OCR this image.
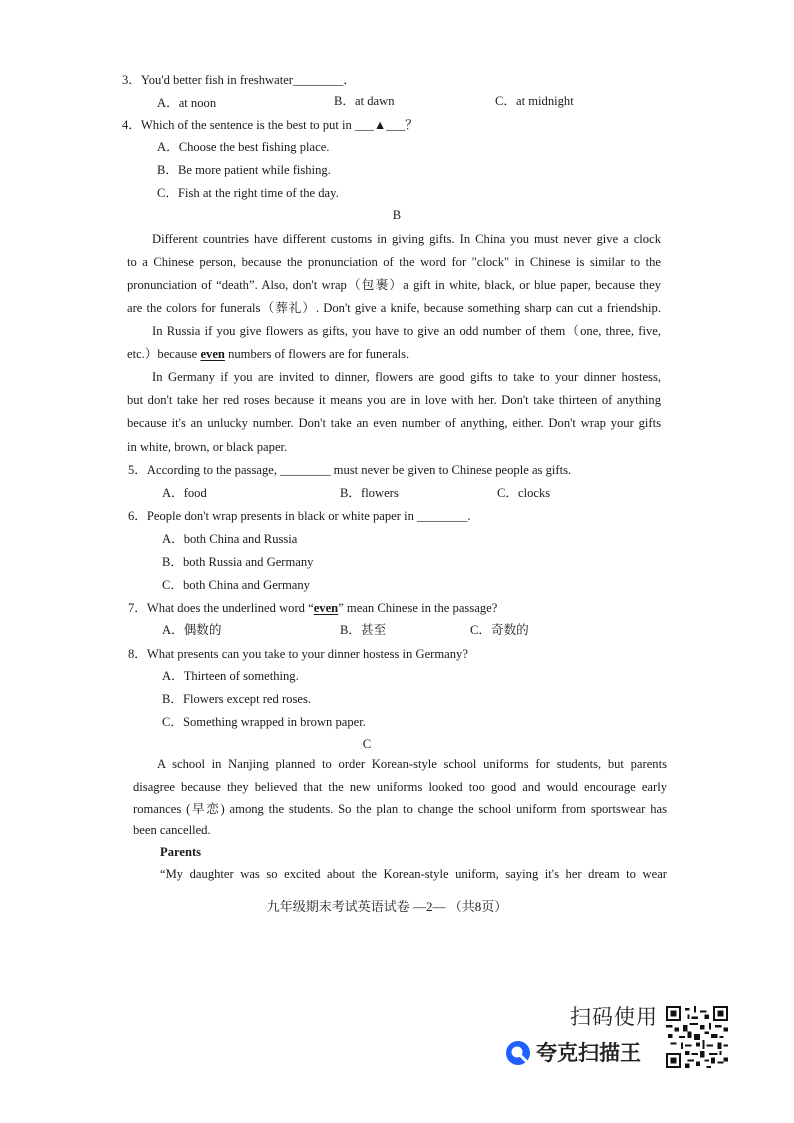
3．You'd better fish in freshwater________．
A．at noon	B．at dawn	C．at midnight
4．Which of the sentence is the best to put in ___▲___？
A．Choose the best fishing place.
B．Be more patient while fishing.
C．Fish at the right time of the day.
B
Different countries have different customs in giving gifts. In China you must never give a clock
to a Chinese person, because the pronunciation of the word for "clock" in Chinese is similar to the
pronunciation of “death”. Also, don't wrap（包裹）a gift in white, black, or blue paper, because they
are the colors for funerals（葬礼）. Don't give a knife, because something sharp can cut a friendship.
In Russia if you give flowers as gifts, you have to give an odd number of them（one, three, five,
etc.）because even numbers of flowers are for funerals.
In Germany if you are invited to dinner, flowers are good gifts to take to your dinner hostess,
but don't take her red roses because it means you are in love with her. Don't take thirteen of anything
because it's an unlucky number. Don't take an even number of anything, either. Don't wrap your gifts
in white, brown, or black paper.
5．According to the passage, ________ must never be given to Chinese people as gifts.
A．food	B．flowers	C．clocks
6．People don't wrap presents in black or white paper in ________.
A．both China and Russia
B．both Russia and Germany
C．both China and Germany
7．What does the underlined word “even” mean Chinese in the passage?
A．偶数的	B．甚至	C．奇数的
8．What presents can you take to your dinner hostess in Germany?
A．Thirteen of something.
B．Flowers except red roses.
C．Something wrapped in brown paper.
C
A school in Nanjing planned to order Korean-style school uniforms for students, but parents
disagree because they believed that the new uniforms looked too good and would encourage early
romances (早恋) among the students. So the plan to change the school uniform from sportswear has
been cancelled.
Parents
“My daughter was so excited about the Korean-style uniform, saying it's her dream to wear
九年级期末考试英语试卷 —2— （共8页）
扫码使用
夸克扫描王
